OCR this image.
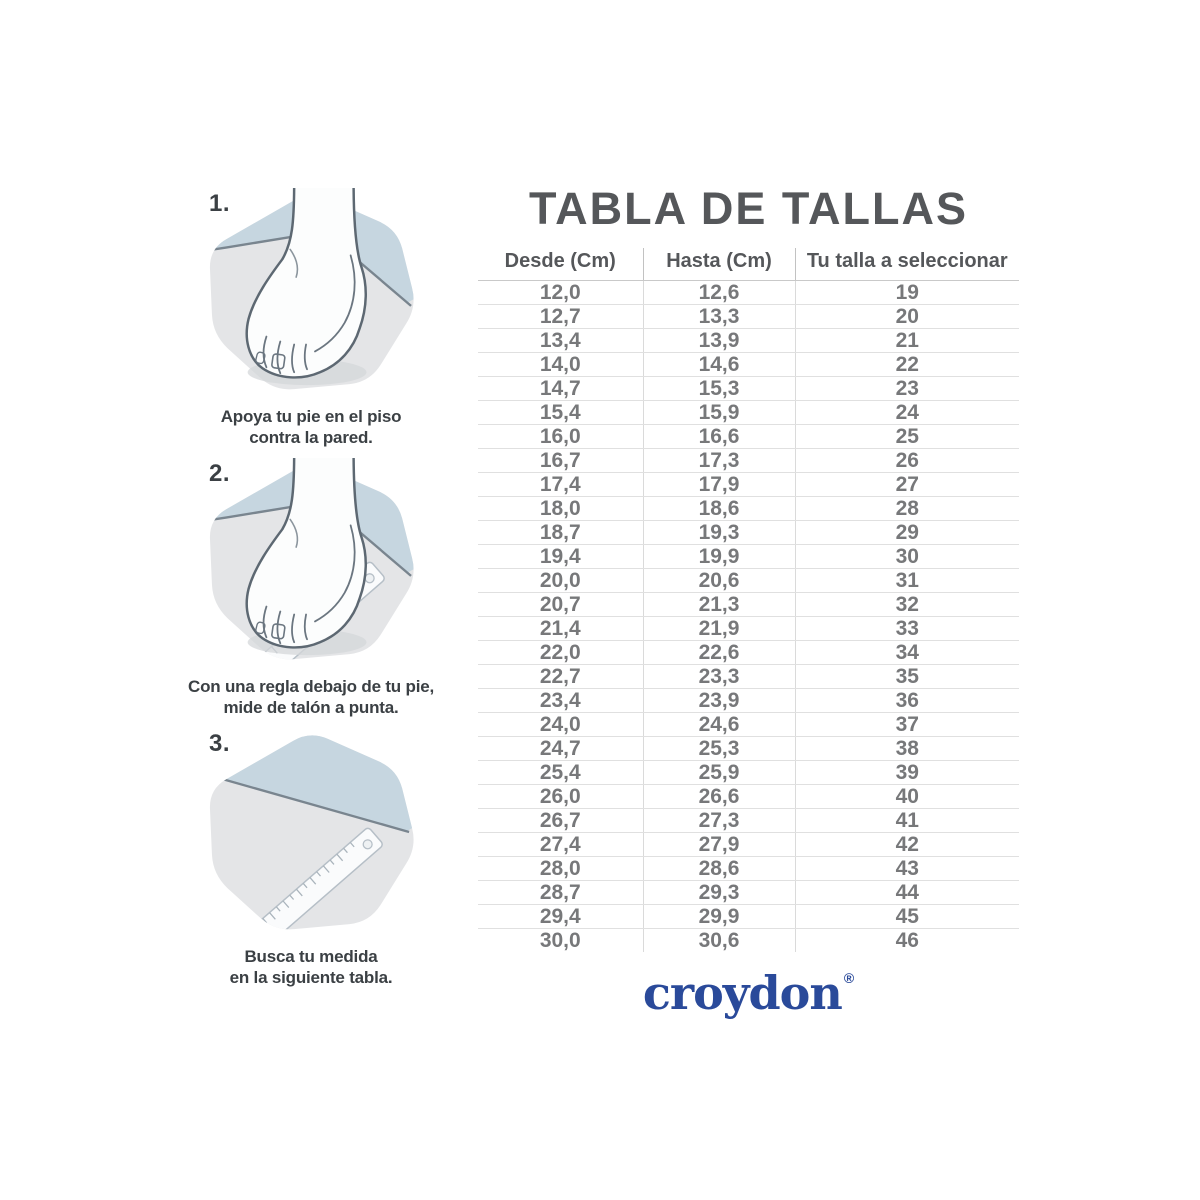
1.

Apoya tu pie en el piso
contra la pared.

2.

Con una regla debajo de tu pie,
mide de talón a punta.

3.

Busca tu medida
en la siguiente tabla.

TABLA DE TALLAS
Desde (Cm)	Hasta (Cm)	Tu talla a seleccionar
12,0	12,6	19
12,7	13,3	20
13,4	13,9	21
14,0	14,6	22
14,7	15,3	23
15,4	15,9	24
16,0	16,6	25
16,7	17,3	26
17,4	17,9	27
18,0	18,6	28
18,7	19,3	29
19,4	19,9	30
20,0	20,6	31
20,7	21,3	32
21,4	21,9	33
22,0	22,6	34
22,7	23,3	35
23,4	23,9	36
24,0	24,6	37
24,7	25,3	38
25,4	25,9	39
26,0	26,6	40
26,7	27,3	41
27,4	27,9	42
28,0	28,6	43
28,7	29,3	44
29,4	29,9	45
30,0	30,6	46
croydon ®
